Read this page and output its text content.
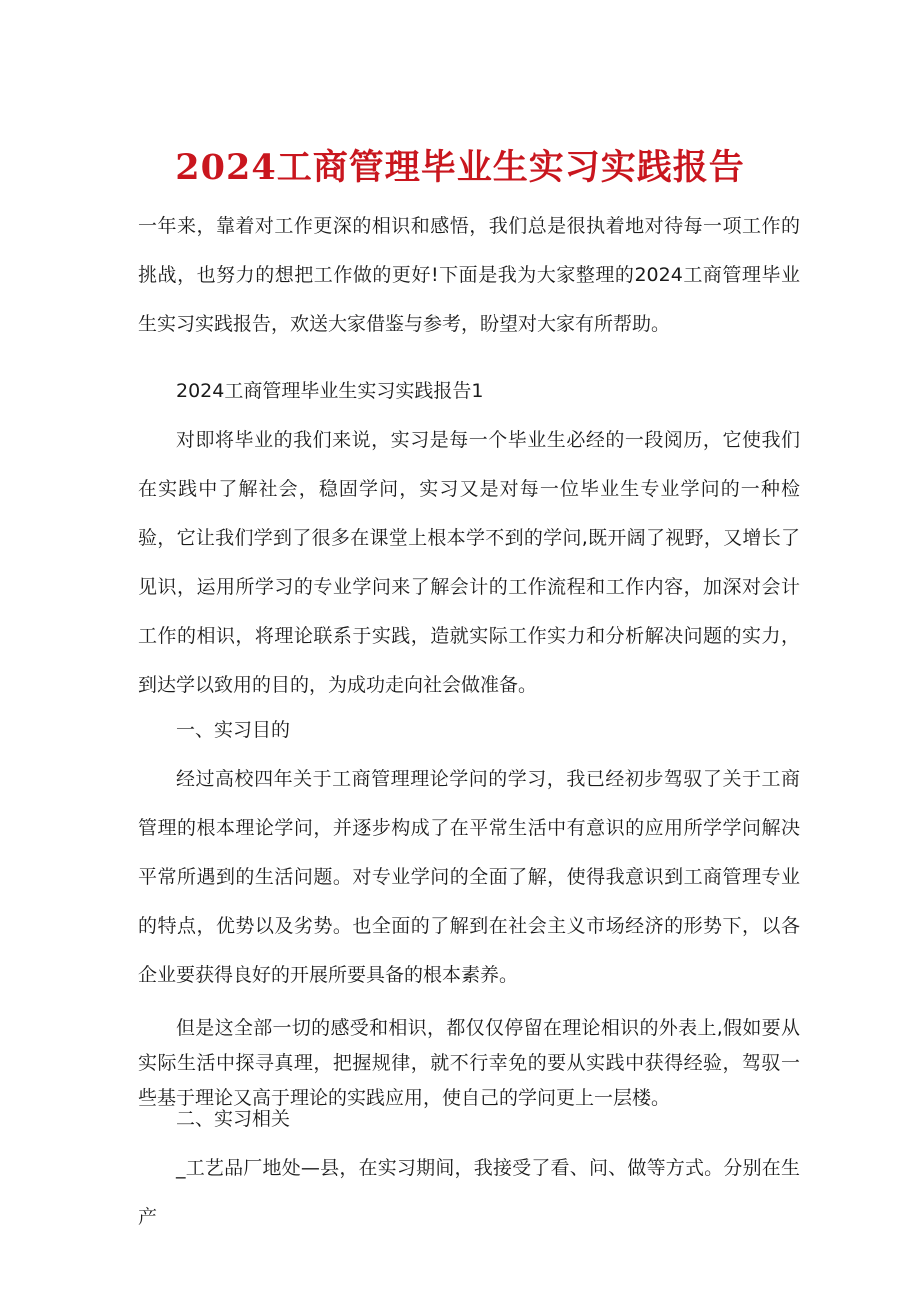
2024工商管理毕业生实习实践报告

一年来，靠着对工作更深的相识和感悟，我们总是很执着地对待每一项工作的挑战，也努力的想把工作做的更好!下面是我为大家整理的2024工商管理毕业生实习实践报告，欢送大家借鉴与参考，盼望对大家有所帮助。

2024工商管理毕业生实习实践报告1

对即将毕业的我们来说，实习是每一个毕业生必经的一段阅历，它使我们在实践中了解社会，稳固学问，实习又是对每一位毕业生专业学问的一种检验，它让我们学到了很多在课堂上根本学不到的学问,既开阔了视野，又增长了见识，运用所学习的专业学问来了解会计的工作流程和工作内容，加深对会计工作的相识，将理论联系于实践，造就实际工作实力和分析解决问题的实力，到达学以致用的目的，为成功走向社会做准备。

一、实习目的

经过高校四年关于工商管理理论学问的学习，我已经初步驾驭了关于工商管理的根本理论学问，并逐步构成了在平常生活中有意识的应用所学学问解决平常所遇到的生活问题。对专业学问的全面了解，使得我意识到工商管理专业的特点，优势以及劣势。也全面的了解到在社会主义市场经济的形势下，以各企业要获得良好的开展所要具备的根本素养。

但是这全部一切的感受和相识，都仅仅停留在理论相识的外表上,假如要从实际生活中探寻真理，把握规律，就不行幸免的要从实践中获得经验，驾驭一些基于理论又高于理论的实践应用，使自己的学问更上一层楼。

二、实习相关

_工艺品厂地处—县，在实习期间，我接受了看、问、做等方式。分别在生产
